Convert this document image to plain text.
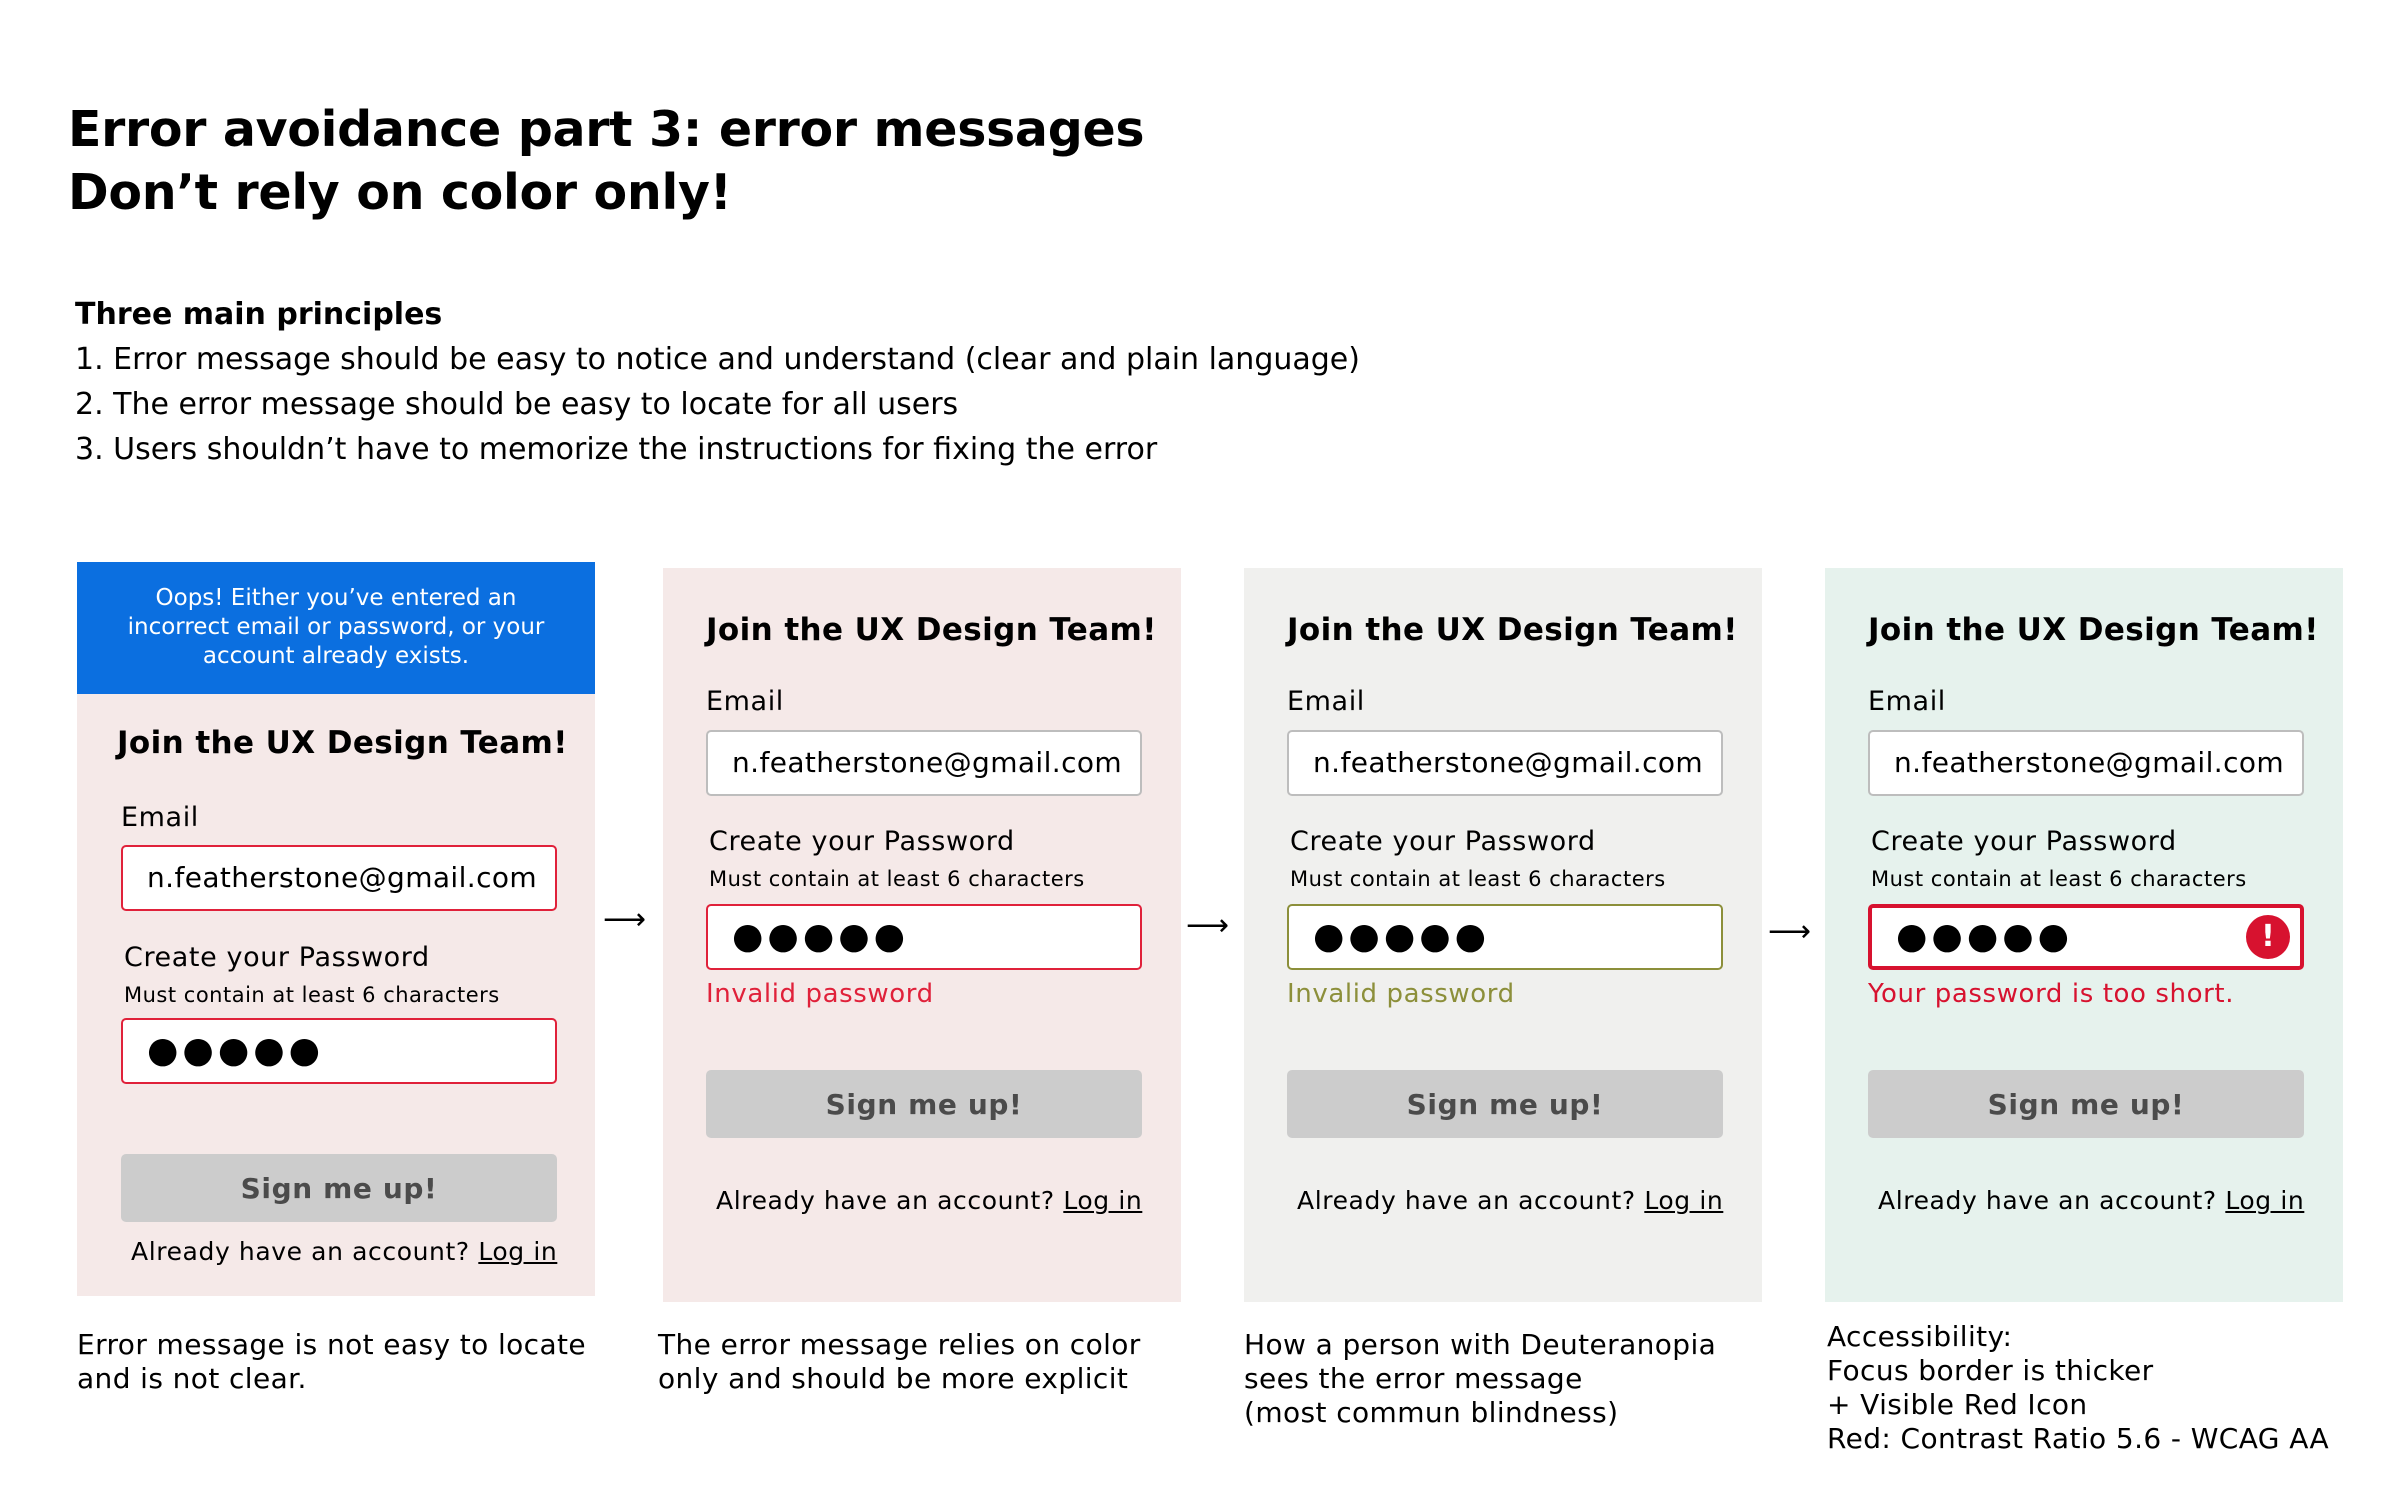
Error avoidance part 3: error messages
Don’t rely on color only!
Three main principles
1. Error message should be easy to notice and understand (clear and plain language)
2. The error message should be easy to locate for all users
3. Users shouldn’t have to memorize the instructions for fixing the error
Oops! Either you’ve entered an incorrect email or password, or your account already exists.
Join the UX Design Team!
Email
n.featherstone@gmail.com
Create your Password
Must contain at least 6 characters
●●●●●
Sign me up!
Already have an account? Log in
⟶
Join the UX Design Team!
Email
n.featherstone@gmail.com
Create your Password
Must contain at least 6 characters
●●●●●
Invalid password
Sign me up!
Already have an account? Log in
⟶
Join the UX Design Team!
Email
n.featherstone@gmail.com
Create your Password
Must contain at least 6 characters
●●●●●
Invalid password
Sign me up!
Already have an account? Log in
⟶
Join the UX Design Team!
Email
n.featherstone@gmail.com
Create your Password
Must contain at least 6 characters
●●●●●	!
Your password is too short.
Sign me up!
Already have an account? Log in
Error message is not easy to locate
and is not clear.
The error message relies on color
only and should be more explicit
How a person with Deuteranopia
sees the error message
(most commun blindness)
Accessibility:
Focus border is thicker
+ Visible Red Icon
Red: Contrast Ratio 5.6 - WCAG AA
